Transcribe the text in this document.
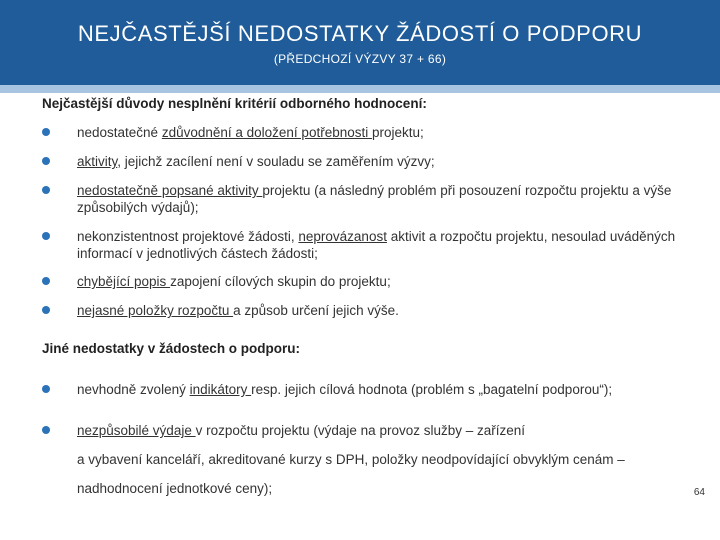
NEJČASTĚJŠÍ NEDOSTATKY ŽÁDOSTÍ O PODPORU
(PŘEDCHOZÍ VÝZVY 37 + 66)
Nejčastější důvody nesplnění kritérií odborného hodnocení:
nedostatečné zdůvodnění a doložení potřebnosti projektu;
aktivity, jejichž zacílení není v souladu se zaměřením výzvy;
nedostatečně popsané aktivity projektu (a následný problém při posouzení rozpočtu projektu a výše způsobilých výdajů);
nekonzistentnost projektové žádosti, neprovázanost aktivit a rozpočtu projektu, nesoulad uváděných informací v jednotlivých částech žádosti;
chybějící popis zapojení cílových skupin do projektu;
nejasné položky rozpočtu a způsob určení jejich výše.
Jiné nedostatky v žádostech o podporu:
nevhodně zvolený indikátory resp. jejich cílová hodnota (problém s „bagatelní podporou“);
nezpůsobilé výdaje v rozpočtu projektu (výdaje na provoz služby – zařízení
a vybavení kanceláří, akreditované kurzy s DPH, položky neodpovídající obvyklým cenám –
nadhodnocení jednotkové ceny);	64
